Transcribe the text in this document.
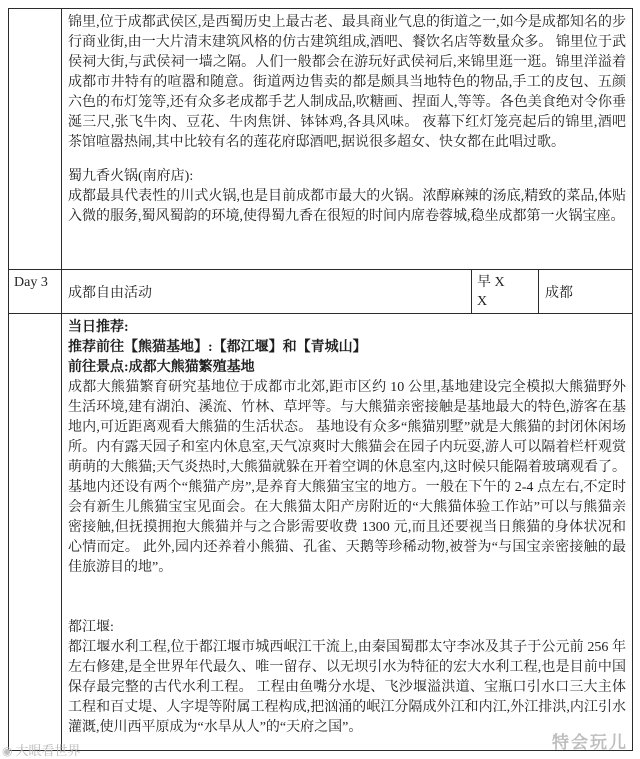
锦里,位于成都武侯区,是西蜀历史上最古老、最具商业气息的街道之一,如今是成都知名的步行商业街,由一大片清末建筑风格的仿古建筑组成,酒吧、餐饮名店等数量众多。 锦里位于武侯祠大街,与武侯祠一墙之隔。人们一般都会在游玩好武侯祠后,来锦里逛一逛。锦里洋溢着成都市井特有的喧嚣和随意。街道两边售卖的都是颇具当地特色的物品,手工的皮包、五颜六色的布灯笼等,还有众多老成都手艺人制成品,吹糖画、捏面人,等等。各色美食绝对令你垂涎三尺,张飞牛肉、豆花、牛肉焦饼、钵钵鸡,各具风味。 夜幕下红灯笼亮起后的锦里,酒吧茶馆喧嚣热闹,其中比较有名的莲花府邸酒吧,据说很多超女、快女都在此唱过歌。

蜀九香火锅(南府店):

成都最具代表性的川式火锅,也是目前成都市最大的火锅。浓醇麻辣的汤底,精致的菜品,体贴入微的服务,蜀风蜀韵的环境,使得蜀九香在很短的时间内席卷蓉城,稳坐成都第一火锅宝座。

Day 3
成都自由活动
早 X X
成都

当日推荐:

推荐前往【熊猫基地】:【都江堰】和【青城山】

前往景点:成都大熊猫繁殖基地

成都大熊猫繁育研究基地位于成都市北郊,距市区约 10 公里,基地建设完全模拟大熊猫野外生活环境,建有湖泊、溪流、竹林、草坪等。与大熊猫亲密接触是基地最大的特色,游客在基地内,可近距离观看大熊猫的生活状态。 基地设有众多“熊猫别墅”就是大熊猫的封闭休闲场所。内有露天园子和室内休息室,天气凉爽时大熊猫会在园子内玩耍,游人可以隔着栏杆观赏萌萌的大熊猫;天气炎热时,大熊猫就躲在开着空调的休息室内,这时候只能隔着玻璃观看了。 基地内还设有两个“熊猫产房”,是养育大熊猫宝宝的地方。一般在下午的 2-4 点左右,不定时会有新生儿熊猫宝宝见面会。在大熊猫太阳产房附近的“大熊猫体验工作站”可以与熊猫亲密接触,但抚摸拥抱大熊猫并与之合影需要收费 1300 元,而且还要视当日熊猫的身体状况和心情而定。 此外,园内还养着小熊猫、孔雀、天鹅等珍稀动物,被誉为“与国宝亲密接触的最佳旅游目的地”。

都江堰:

都江堰水利工程,位于都江堰市城西岷江干流上,由秦国蜀郡太守李冰及其子于公元前 256 年左右修建,是全世界年代最久、唯一留存、以无坝引水为特征的宏大水利工程,也是目前中国保存最完整的古代水利工程。 工程由鱼嘴分水堤、飞沙堰溢洪道、宝瓶口引水口三大主体工程和百丈堤、人字堤等附属工程构成,把汹涌的岷江分隔成外江和内江,外江排洪,内江引水灌溉,使川西平原成为“水旱从人”的“天府之国”。

◉ 大眼看世界	特会玩儿
